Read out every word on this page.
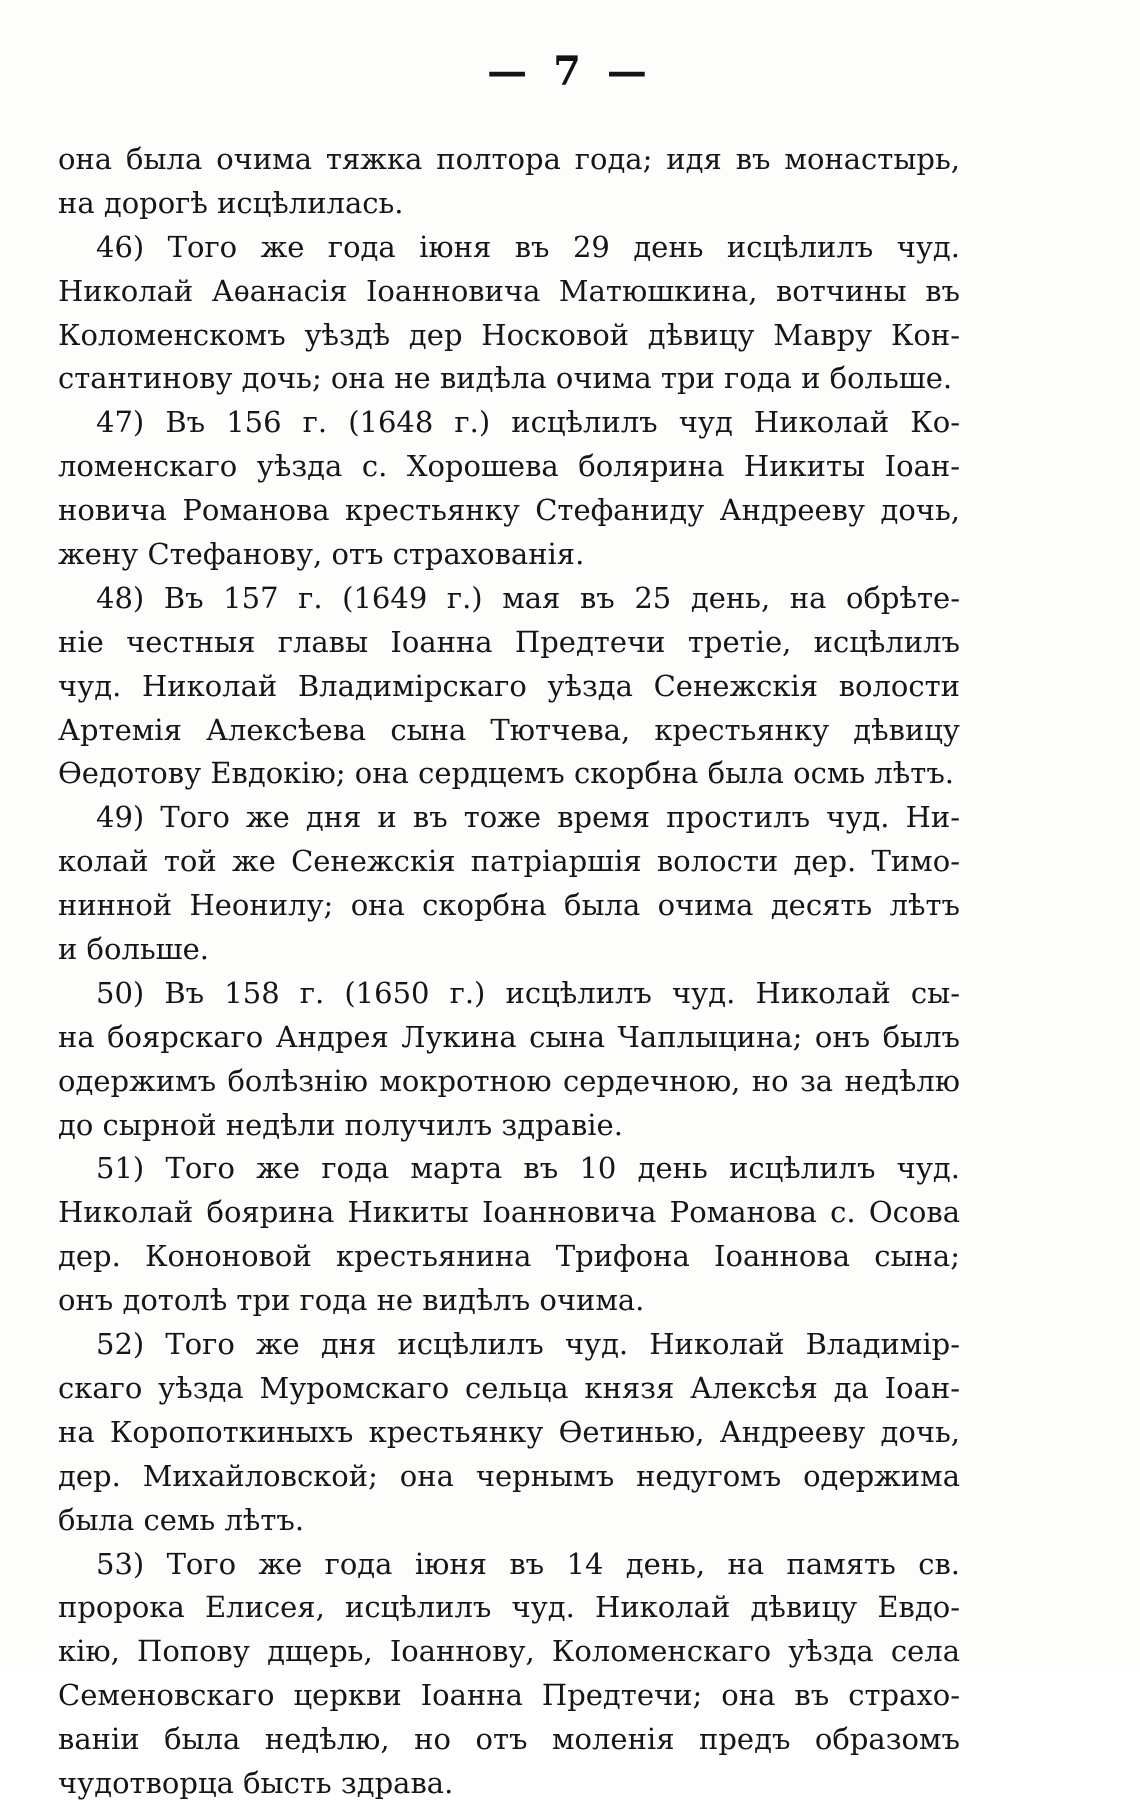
— 7 —
она была очима тяжка полтора года; идя въ монастырь,
на дорогѣ исцѣлилась.
46) Того же года іюня въ 29 день исцѣлилъ чуд.
Николай Аѳанасія Іоанновича Матюшкина, вотчины въ
Коломенскомъ уѣздѣ дер Носковой дѣвицу Мавру Кон-
стантинову дочь; она не видѣла очима три года и больше.
47) Въ 156 г. (1648 г.) исцѣлилъ чуд Николай Ко-
ломенскаго уѣзда с. Хорошева болярина Никиты Іоан-
новича Романова крестьянку Стефаниду Андрееву дочь,
жену Стефанову, отъ страхованія.
48) Въ 157 г. (1649 г.) мая въ 25 день, на обрѣте-
ніе честныя главы Іоанна Предтечи третіе, исцѣлилъ
чуд. Николай Владимірскаго уѣзда Сенежскія волости
Артемія Алексѣева сына Тютчева, крестьянку дѣвицу
Ѳедотову Евдокію; она сердцемъ скорбна была осмь лѣтъ.
49) Того же дня и въ тоже время простилъ чуд. Ни-
колай той же Сенежскія патріаршія волости дер. Тимо-
нинной Неонилу; она скорбна была очима десять лѣтъ
и больше.
50) Въ 158 г. (1650 г.) исцѣлилъ чуд. Николай сы-
на боярскаго Андрея Лукина сына Чаплыцина; онъ былъ
одержимъ болѣзнію мокротною сердечною, но за недѣлю
до сырной недѣли получилъ здравіе.
51) Того же года марта въ 10 день исцѣлилъ чуд.
Николай боярина Никиты Іоанновича Романова с. Осова
дер. Кононовой крестьянина Трифона Іоаннова сына;
онъ дотолѣ три года не видѣлъ очима.
52) Того же дня исцѣлилъ чуд. Николай Владимір-
скаго уѣзда Муромскаго сельца князя Алексѣя да Іоан-
на Коропоткиныхъ крестьянку Ѳетинью, Андрееву дочь,
дер. Михайловской; она чернымъ недугомъ одержима
была семь лѣтъ.
53) Того же года іюня въ 14 день, на память св.
пророка Елисея, исцѣлилъ чуд. Николай дѣвицу Евдо-
кію, Попову дщерь, Іоаннову, Коломенскаго уѣзда села
Семеновскаго церкви Іоанна Предтечи; она въ страхо-
ваніи была недѣлю, но отъ моленія предъ образомъ
чудотворца бысть здрава.
